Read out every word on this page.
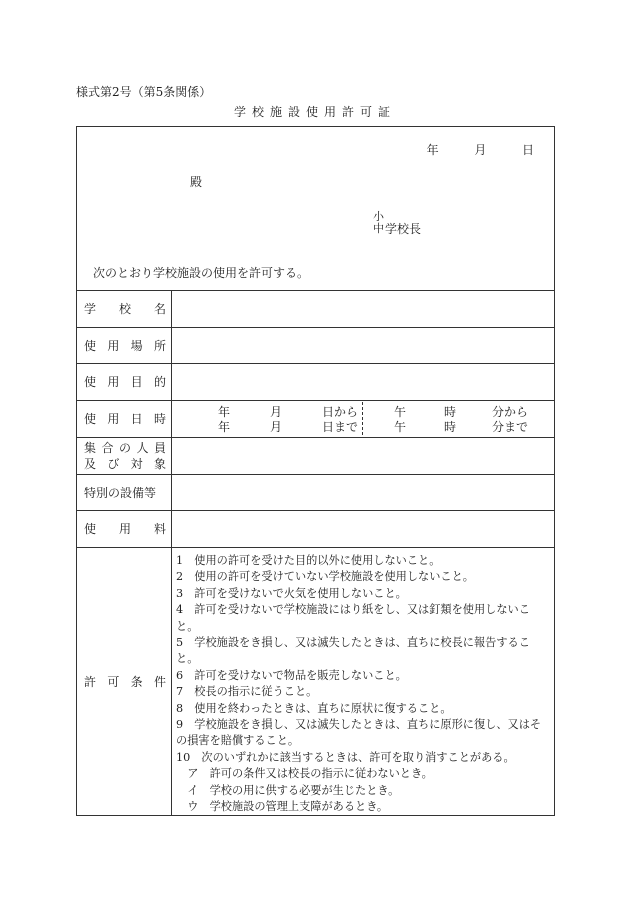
様式第2号（第5条関係）
学校施設使用許可証
年	月	日
殿
小
中 学校長
次のとおり学校施設の使用を許可する。
学 校 名
使 用 場 所
使 用 目 的
使 用 日 時	年	月	日から	午	時	分から
年	月	日まで	午	時	分まで
集 合 の 人 員
及 び 対 象
特別の設備等
使 用 料
許 可 条 件
1　使用の許可を受けた目的以外に使用しないこと。
2　使用の許可を受けていない学校施設を使用しないこと。
3　許可を受けないで火気を使用しないこと。
4　許可を受けないで学校施設にはり紙をし、又は釘類を使用しないこと。
5　学校施設をき損し、又は滅失したときは、直ちに校長に報告すること。
6　許可を受けないで物品を販売しないこと。
7　校長の指示に従うこと。
8　使用を終わったときは、直ちに原状に復すること。
9　学校施設をき損し、又は滅失したときは、直ちに原形に復し、又はその損害を賠償すること。
10　次のいずれかに該当するときは、許可を取り消すことがある。
　ア　許可の条件又は校長の指示に従わないとき。
　イ　学校の用に供する必要が生じたとき。
　ウ　学校施設の管理上支障があるとき。
